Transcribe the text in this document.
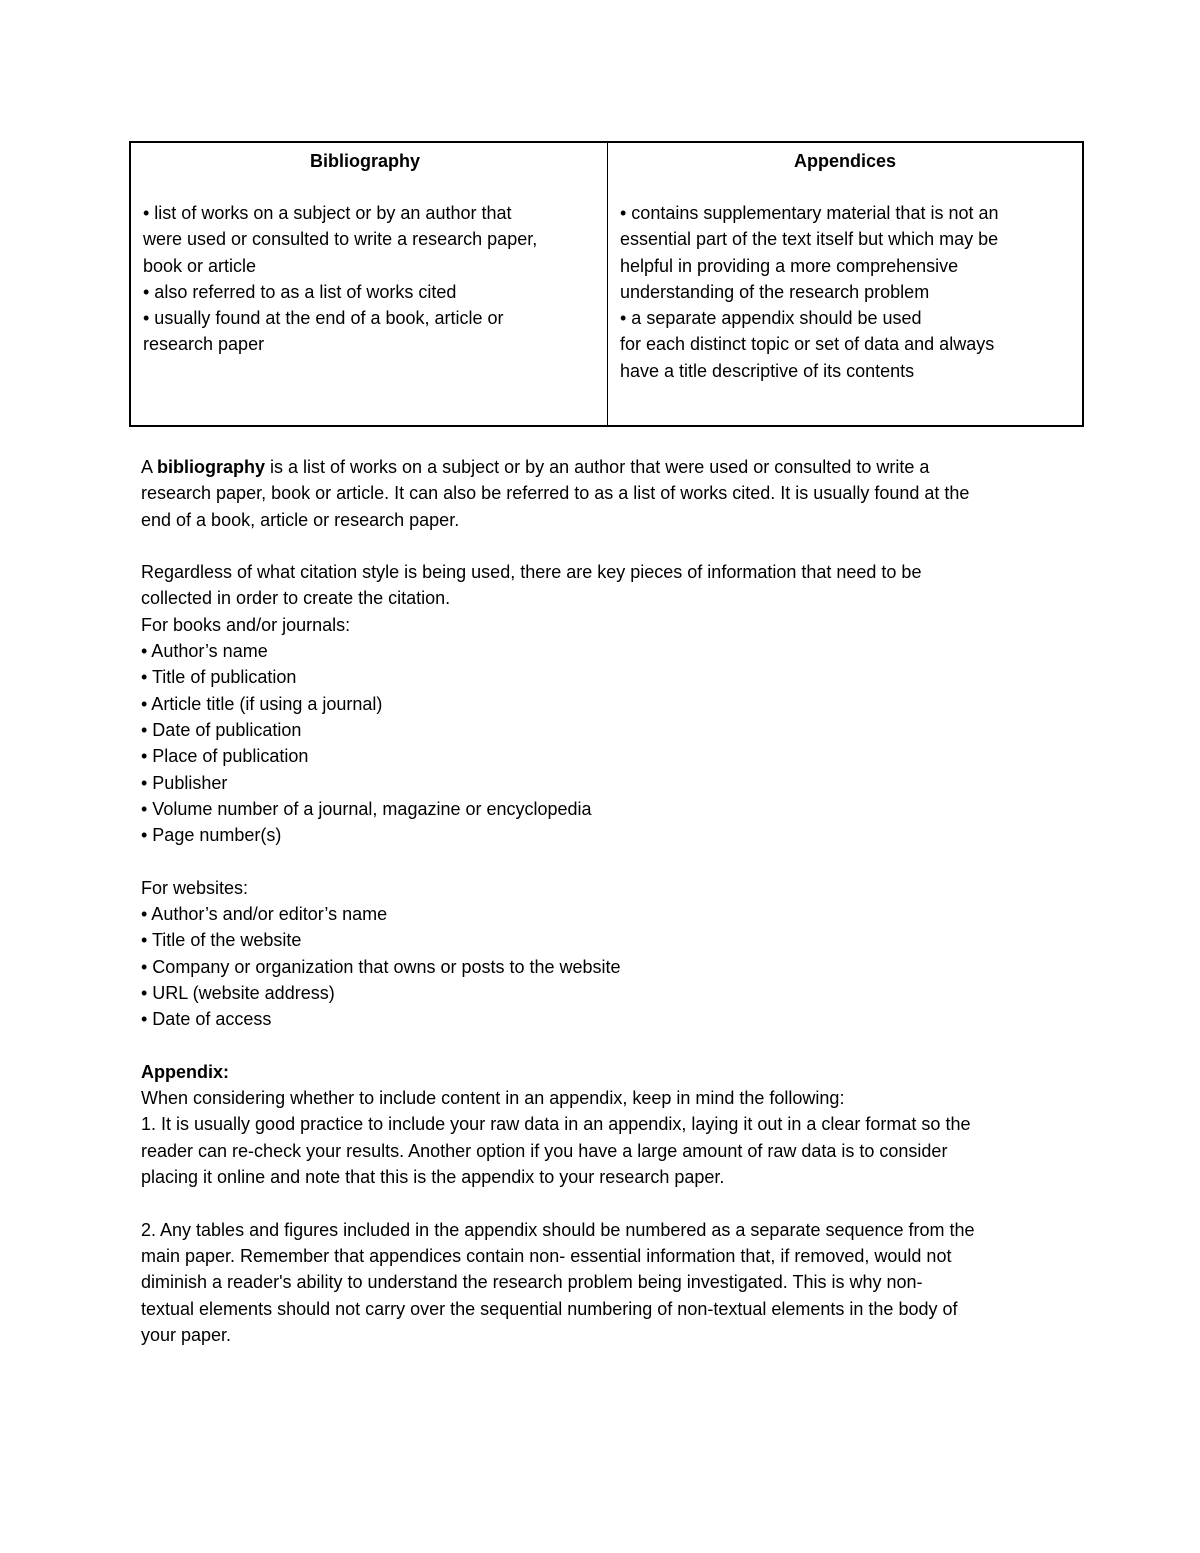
Bibliography
• list of works on a subject or by an author that
were used or consulted to write a research paper,
book or article
• also referred to as a list of works cited
• usually found at the end of a book, article or
research paper
Appendices
• contains supplementary material that is not an
essential part of the text itself but which may be
helpful in providing a more comprehensive
understanding of the research problem
• a separate appendix should be used
for each distinct topic or set of data and always
have a title descriptive of its contents

A bibliography is a list of works on a subject or by an author that were used or consulted to write a
research paper, book or article. It can also be referred to as a list of works cited. It is usually found at the
end of a book, article or research paper.

Regardless of what citation style is being used, there are key pieces of information that need to be
collected in order to create the citation.
For books and/or journals:

• Author’s name
• Title of publication
• Article title (if using a journal)
• Date of publication
• Place of publication
• Publisher
• Volume number of a journal, magazine or encyclopedia
• Page number(s)

For websites:

• Author’s and/or editor’s name
• Title of the website
• Company or organization that owns or posts to the website
• URL (website address)
• Date of access

Appendix:
When considering whether to include content in an appendix, keep in mind the following:
1. It is usually good practice to include your raw data in an appendix, laying it out in a clear format so the
reader can re-check your results. Another option if you have a large amount of raw data is to consider
placing it online and note that this is the appendix to your research paper.

2. Any tables and figures included in the appendix should be numbered as a separate sequence from the
main paper. Remember that appendices contain non- essential information that, if removed, would not
diminish a reader's ability to understand the research problem being investigated. This is why non-
textual elements should not carry over the sequential numbering of non-textual elements in the body of
your paper.
